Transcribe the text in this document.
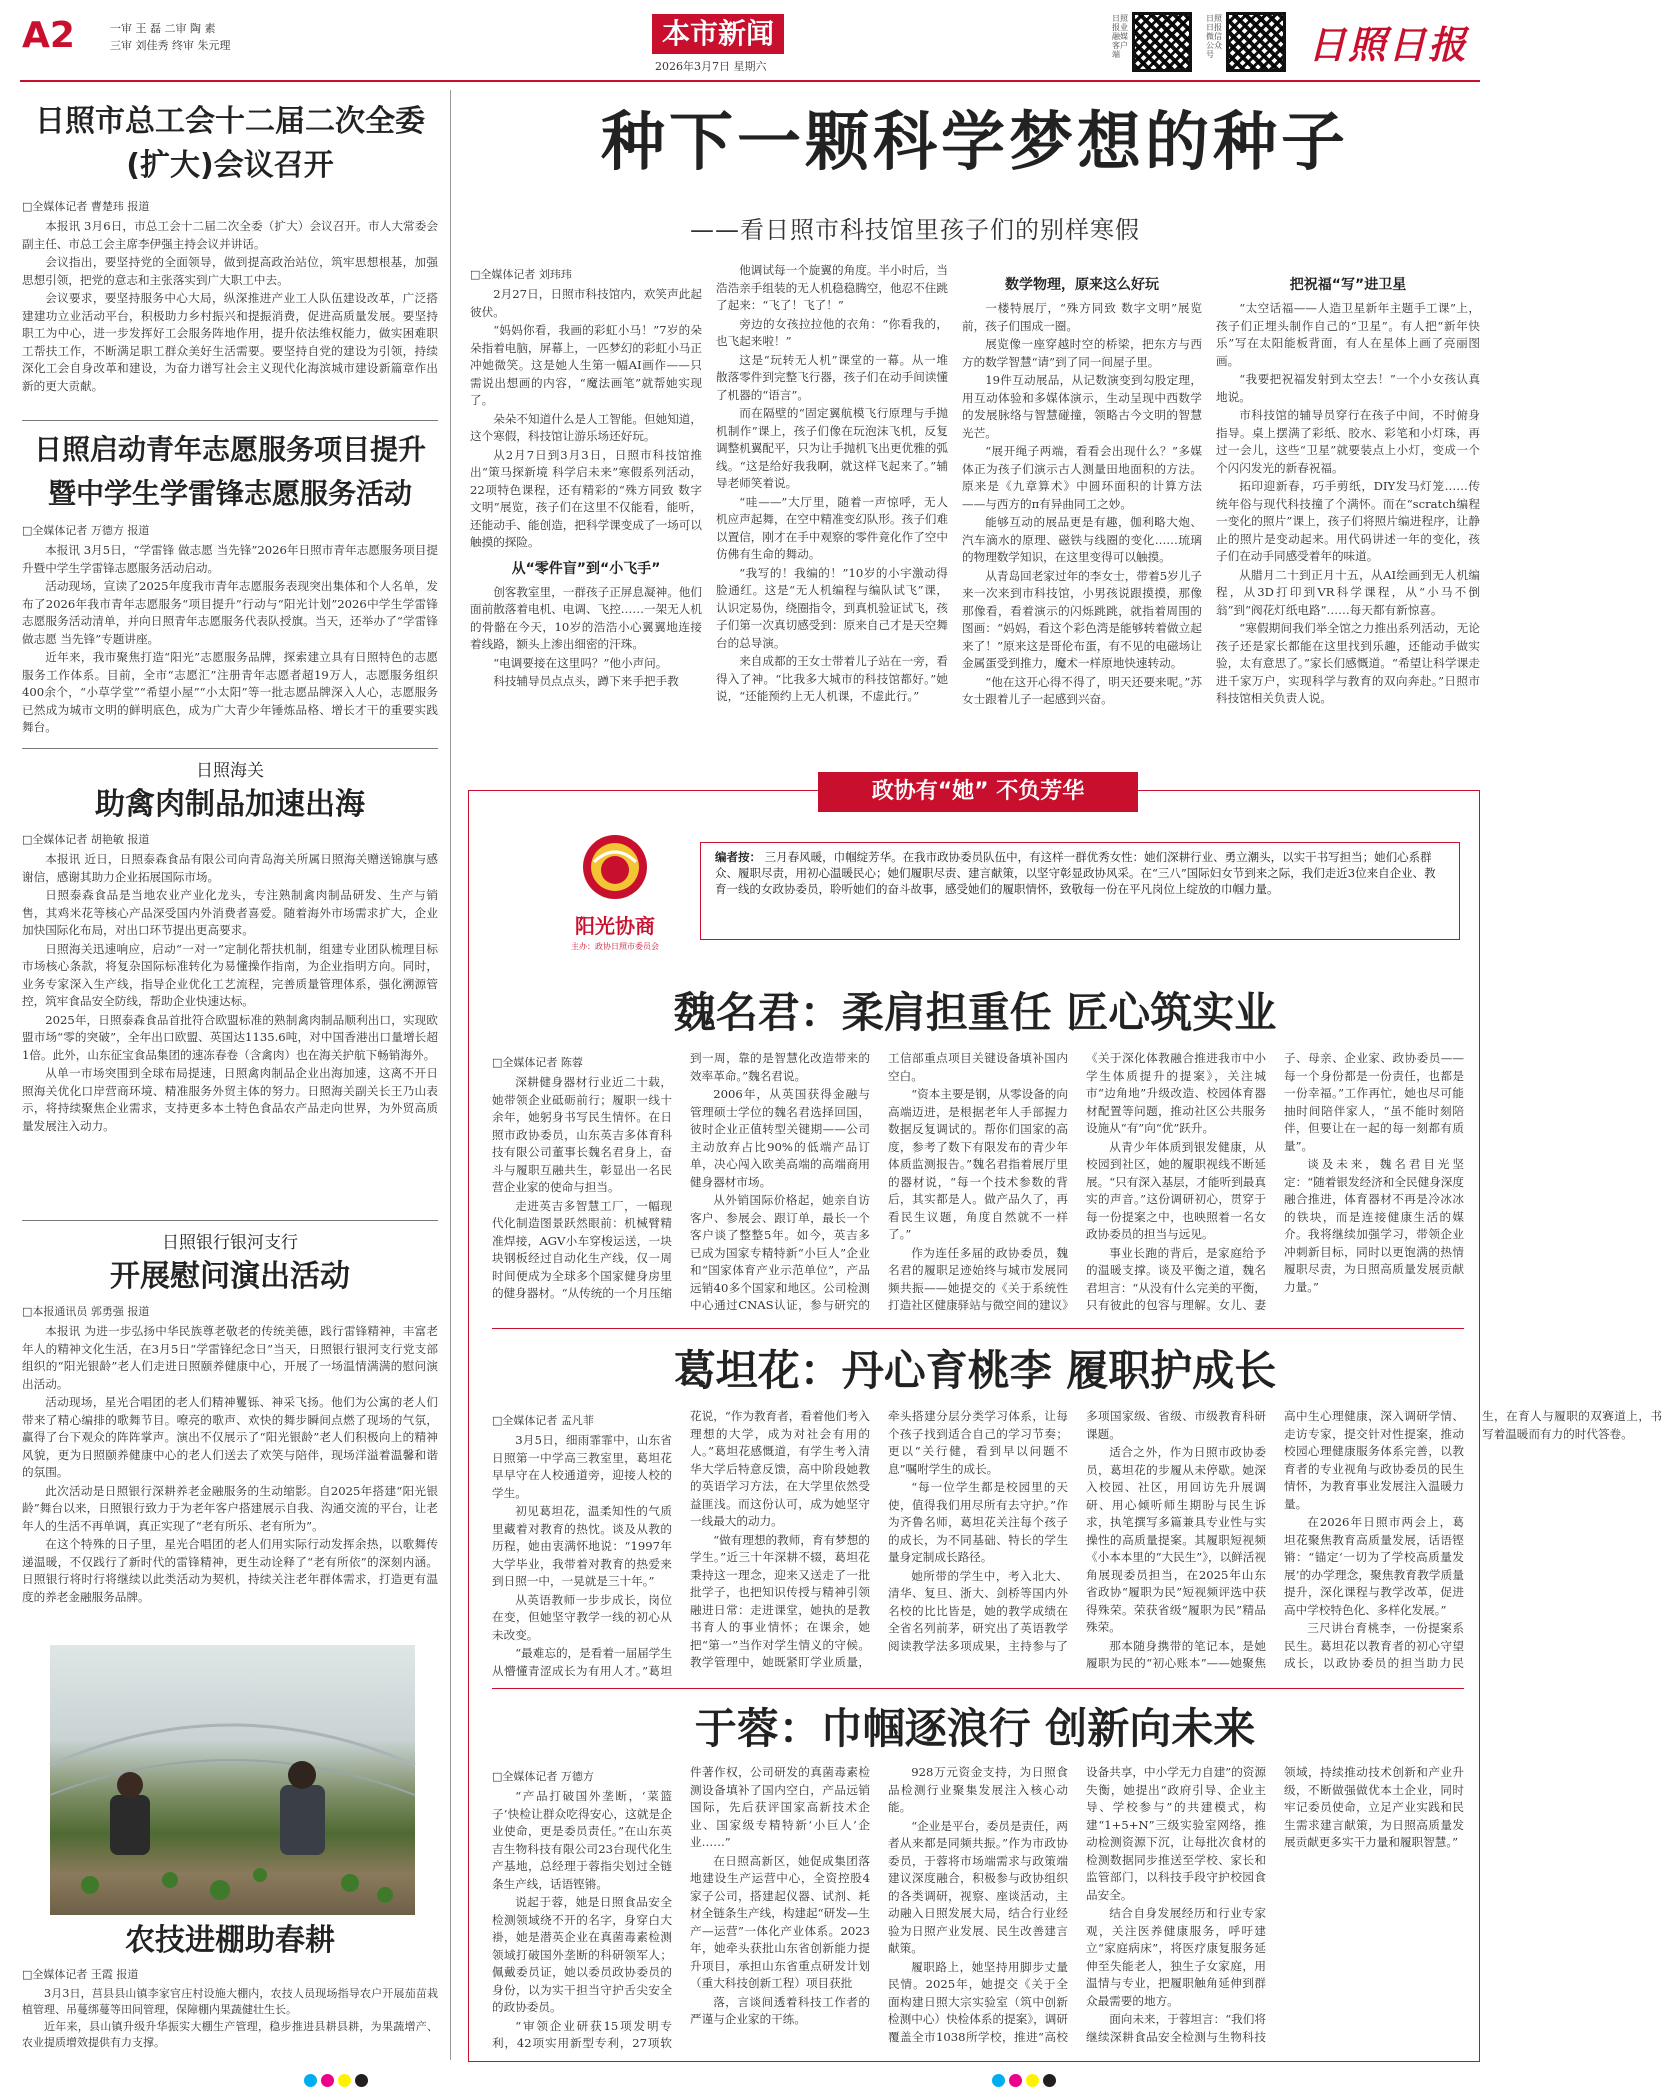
A2	一审 王 磊 二审 陶 素
三审 刘佳秀 终审 朱元理	本市新闻
2026年3月7日 星期六
日照报业融媒客户端
日照日报微信公众号 日照日报
日照市总工会十二届二次全委(扩大)会议召开
□全媒体记者 曹楚玮 报道

本报讯 3月6日，市总工会十二届二次全委（扩大）会议召开。市人大常委会副主任、市总工会主席李伊强主持会议并讲话。

会议指出，要坚持党的全面领导，做到提高政治站位，筑牢思想根基，加强思想引领，把党的意志和主张落实到广大职工中去。

会议要求，要坚持服务中心大局，纵深推进产业工人队伍建设改革，广泛搭建建功立业活动平台，积极助力乡村振兴和提振消费，促进高质量发展。要坚持职工为中心，进一步发挥好工会服务阵地作用，提升依法维权能力，做实困难职工帮扶工作，不断满足职工群众美好生活需要。要坚持自党的建设为引领，持续深化工会自身改革和建设，为奋力谱写社会主义现代化海滨城市建设新篇章作出新的更大贡献。

日照启动青年志愿服务项目提升暨中学生学雷锋志愿服务活动
□全媒体记者 万德方 报道

本报讯 3月5日，“学雷锋 做志愿 当先锋”2026年日照市青年志愿服务项目提升暨中学生学雷锋志愿服务活动启动。

活动现场，宣读了2025年度我市青年志愿服务表现突出集体和个人名单，发布了2026年我市青年志愿服务“项目提升”行动与“阳光计划”2026中学生学雷锋志愿服务活动清单，并向日照青年志愿服务代表队授旗。当天，还举办了“学雷锋 做志愿 当先锋”专题讲座。

近年来，我市聚焦打造“阳光”志愿服务品牌，探索建立具有日照特色的志愿服务工作体系。目前，全市“志愿汇”注册青年志愿者超19万人，志愿服务组织400余个，“小草学堂”“希望小屋”“小太阳”等一批志愿品牌深入人心，志愿服务已然成为城市文明的鲜明底色，成为广大青少年锤炼品格、增长才干的重要实践舞台。

日照海关
助禽肉制品加速出海
□全媒体记者 胡艳敏 报道

本报讯 近日，日照泰森食品有限公司向青岛海关所属日照海关赠送锦旗与感谢信，感谢其助力企业拓展国际市场。

日照泰森食品是当地农业产业化龙头，专注熟制禽肉制品研发、生产与销售，其鸡米花等核心产品深受国内外消费者喜爱。随着海外市场需求扩大，企业加快国际化布局，对出口环节提出更高要求。

日照海关迅速响应，启动“一对一”定制化帮扶机制，组建专业团队梳理目标市场核心条款，将复杂国际标准转化为易懂操作指南，为企业指明方向。同时，业务专家深入生产线，指导企业优化工艺流程，完善质量管理体系，强化溯源管控，筑牢食品安全防线，帮助企业快速达标。

2025年，日照泰森食品首批符合欧盟标准的熟制禽肉制品顺利出口，实现欧盟市场“零的突破”，全年出口欧盟、英国达1135.6吨，对中国香港出口量增长超1倍。此外，山东征宝食品集团的速冻春卷（含禽肉）也在海关护航下畅销海外。

从单一市场突围到全球布局提速，日照禽肉制品企业出海加速，这离不开日照海关优化口岸营商环境、精准服务外贸主体的努力。日照海关副关长王乃山表示，将持续聚焦企业需求，支持更多本土特色食品农产品走向世界，为外贸高质量发展注入动力。

日照银行银河支行
开展慰问演出活动
□本报通讯员 郭勇强 报道

本报讯 为进一步弘扬中华民族尊老敬老的传统美德，践行雷锋精神，丰富老年人的精神文化生活，在3月5日“学雷锋纪念日”当天，日照银行银河支行党支部组织的“阳光银龄”老人们走进日照颐养健康中心，开展了一场温情满满的慰问演出活动。

活动现场，星光合唱团的老人们精神矍铄、神采飞扬。他们为公寓的老人们带来了精心编排的歌舞节目。嘹亮的歌声、欢快的舞步瞬间点燃了现场的气氛，赢得了台下观众的阵阵掌声。演出不仅展示了“阳光银龄”老人们积极向上的精神风貌，更为日照颐养健康中心的老人们送去了欢笑与陪伴，现场洋溢着温馨和谐的氛围。

此次活动是日照银行深耕养老金融服务的生动缩影。自2025年搭建“阳光银龄”舞台以来，日照银行致力于为老年客户搭建展示自我、沟通交流的平台，让老年人的生活不再单调，真正实现了“老有所乐、老有所为”。

在这个特殊的日子里，星光合唱团的老人们用实际行动发挥余热，以歌舞传递温暖，不仅践行了新时代的雷锋精神，更生动诠释了“老有所依”的深刻内涵。日照银行将时行将继续以此类活动为契机，持续关注老年群体需求，打造更有温度的养老金融服务品牌。

农技进棚助春耕
□全媒体记者 王霞 报道

3月3日，莒县县山镇李家官庄村设施大棚内，农技人员现场指导农户开展茄苗栽植管理、吊蔓绑蔓等田间管理，保障棚内果蔬健壮生长。

近年来，县山镇升级升华振实大棚生产管理，稳步推进县耕县耕，为果蔬增产、农业提质增效提供有力支撑。

种下一颗科学梦想的种子
——看日照市科技馆里孩子们的别样寒假
□全媒体记者 刘玮玮

2月27日，日照市科技馆内，欢笑声此起彼伏。

“妈妈你看，我画的彩虹小马！”7岁的朵朵指着电脑，屏幕上，一匹梦幻的彩虹小马正冲她微笑。这是她人生第一幅AI画作——只需说出想画的内容，“魔法画笔”就帮她实现了。

朵朵不知道什么是人工智能。但她知道，这个寒假，科技馆让游乐场还好玩。

从2月7日到3月3日，日照市科技馆推出“策马探新境 科学启未来”寒假系列活动，22项特色课程，还有精彩的“殊方同致 数字文明”展览，孩子们在这里不仅能看，能听，还能动手、能创造，把科学课变成了一场可以触摸的探险。

从“零件盲”到“小飞手”

创客教室里，一群孩子正屏息凝神。他们面前散落着电机、电调、飞控……一架无人机的骨骼在今天，10岁的浩浩小心翼翼地连接着线路，额头上渗出细密的汗珠。

“电调要接在这里吗？”他小声问。

科技辅导员点点头，蹲下来手把手教

他调试每一个旋翼的角度。半小时后，当浩浩亲手组装的无人机稳稳腾空，他忍不住跳了起来：“飞了！飞了！”

旁边的女孩拉拉他的衣角：“你看我的，也飞起来啦！”

这是“玩转无人机”课堂的一幕。从一堆散落零件到完整飞行器，孩子们在动手间读懂了机器的“语言”。

而在隔壁的“固定翼航模飞行原理与手抛机制作”课上，孩子们像在玩泡沫飞机，反复调整机翼配平，只为让手抛机飞出更优雅的弧线。“这是给好我我啊，就这样飞起来了。”辅导老师笑着说。

“哇——”大厅里，随着一声惊呼，无人机应声起舞，在空中精准变幻队形。孩子们难以置信，刚才在手中观察的零件竟化作了空中仿佛有生命的舞动。

“我写的！我编的！”10岁的小宇激动得脸通红。这是“无人机编程与编队试飞”课，认识定易伪，绕圈指令，到真机验证试飞，孩子们第一次真切感受到：原来自己才是天空舞台的总导演。

来自成都的王女士带着儿子站在一旁，看得入了神。“比我多大城市的科技馆都好。”她说，“还能预约上无人机课，不虚此行。”

数学物理，原来这么好玩

一楼特展厅，“殊方同致 数字文明”展览前，孩子们围成一圈。

展览像一座穿越时空的桥梁，把东方与西方的数学智慧“请”到了同一间屋子里。

19件互动展品，从记数演变到勾股定理，用互动体验和多媒体演示，生动呈现中西数学的发展脉络与智慧碰撞，领略古今文明的智慧光芒。

“展开绳子两端，看看会出现什么？”多媒体正为孩子们演示古人测量田地面积的方法。原来是《九章算术》中圆环面积的计算方法——与西方的π有异曲同工之妙。

能够互动的展品更是有趣，伽利略大炮、汽车滴水的原理、磁铁与线圈的变化……琉璃的物理数学知识，在这里变得可以触摸。

从青岛回老家过年的李女士，带着5岁儿子来一次来到市科技馆，小男孩说跟摸摸，那像那像看，看着演示的闪烁跳跳，就指着周围的图画：“妈妈，看这个彩色湾是能够转着做立起来了！”原来这是哥伦布蛋，有不见的电磁场让金属蛋受到推力，魔术一样原地快速转动。

“他在这开心得不得了，明天还要来呢。”苏女士跟着儿子一起感到兴奋。

把祝福“写”进卫星

“太空话福——人造卫星新年主题手工课”上，孩子们正埋头制作自己的“卫星”。有人把“新年快乐”写在太阳能板背面，有人在星体上画了亮丽图画。

“我要把祝福发射到太空去！”一个小女孩认真地说。

市科技馆的辅导员穿行在孩子中间，不时俯身指导。桌上摆满了彩纸、胶水、彩笔和小灯珠，再过一会儿，这些“卫星”就要装点上小灯，变成一个个闪闪发光的新春祝福。

拓印迎新春，巧手剪纸，DIY发马灯笼……传统年俗与现代科技撞了个满怀。而在“scratch编程一变化的照片”课上，孩子们将照片编进程序，让静止的照片是变动起来。用代码讲述一年的变化，孩子们在动手同感受着年的味道。

从腊月二十到正月十五，从AI绘画到无人机编程，从3D打印到VR科学课程，从“小马不倒翁”到“阀花灯纸电路”……每天都有新惊喜。

“寒假期间我们举全馆之力推出系列活动，无论孩子还是家长都能在这里找到乐趣，还能动手做实验，太有意思了。”家长们感慨道。“希望让科学课走进千家万户，实现科学与教育的双向奔赴。”日照市科技馆相关负责人说。

政协有“她” 不负芳华
阳光协商
主办：政协日照市委员会
编者按： 三月春风暖，巾帼绽芳华。在我市政协委员队伍中，有这样一群优秀女性：她们深耕行业、勇立潮头，以实干书写担当；她们心系群众、履职尽责，用初心温暖民心；她们履职尽责、建言献策，以坚守彰显政协风采。在“三八”国际妇女节到来之际，我们走近3位来自企业、教育一线的女政协委员，聆听她们的奋斗故事，感受她们的履职情怀，致敬每一份在平凡岗位上绽放的巾帼力量。
魏名君：柔肩担重任 匠心筑实业
□全媒体记者 陈蓉

深耕健身器材行业近二十载，她带领企业砥砺前行；履职一线十余年，她躬身书写民生情怀。在日照市政协委员，山东英吉多体育科技有限公司董事长魏名君身上，奋斗与履职互融共生，彰显出一名民营企业家的使命与担当。

走进英吉多智慧工厂，一幅现代化制造图景跃然眼前：机械臂精准焊接，AGV小车穿梭运送，一块块钢板经过自动化生产线，仅一周时间便成为全球多个国家健身房里的健身器材。“从传统的一个月压缩到一周，靠的是智慧化改造带来的效率革命。”魏名君说。

2006年，从英国获得金融与管理硕士学位的魏名君选择回国，彼时企业正值转型关键期——公司主动放弃占比90%的低端产品订单，决心闯入欧美高端的高端商用健身器材市场。

从外销国际价格起，她亲自访客户、参展会、跟订单，最长一个客户谈了整整5年。如今，英吉多已成为国家专精特新“小巨人”企业和“国家体育产业示范单位”，产品远销40多个国家和地区。公司检测中心通过CNAS认证，参与研究的工信部重点项目关键设备填补国内空白。

“资本主要是钢，从零设备的向高端迈进，是根据老年人手部握力数据反复调试的。帮你们国家的高度，参考了数下有限发布的青少年体质监测报告。”魏名君指着展厅里的器材说，“每一个技术参数的背后，其实都是人。做产品久了，再看民生议题，角度自然就不一样了。”

作为连任多届的政协委员，魏名君的履职足迹始终与城市发展同频共振——她提交的《关于系统性打造社区健康驿站与微空间的建议》《关于深化体教融合推进我市中小学生体质提升的提案》，关注城市“边角地”升级改造、校园体育器材配置等问题，推动社区公共服务设施从“有”向“优”跃升。

从青少年体质到银发健康，从校园到社区，她的履职视线不断延展。“只有深入基层，才能听到最真实的声音。”这份调研初心，贯穿于每一份提案之中，也映照着一名女政协委员的担当与远见。

事业长跑的背后，是家庭给予的温暖支撑。谈及平衡之道，魏名君坦言：“从没有什么完美的平衡，只有彼此的包容与理解。女儿、妻子、母亲、企业家、政协委员——每一个身份都是一份责任，也都是一份幸福。”工作再忙，她也尽可能抽时间陪伴家人，“虽不能时刻陪伴，但要让在一起的每一刻都有质量”。

谈及未来，魏名君目光坚定：“随着银发经济和全民健身深度融合推进，体育器材不再是冷冰冰的铁块，而是连接健康生活的媒介。我将继续加强学习，带领企业冲刺新目标，同时以更饱满的热情履职尽责，为日照高质量发展贡献力量。”

葛坦花：丹心育桃李 履职护成长
□全媒体记者 孟凡菲

3月5日，细雨霏霏中，山东省日照第一中学高三教室里，葛坦花早早守在人校通道旁，迎接人校的学生。

初见葛坦花，温柔知性的气质里藏着对教育的热忱。谈及从教的历程，她由衷满怀地说：“1997年大学毕业，我带着对教育的热爱来到日照一中，一晃就是三十年。”

从英语教师一步步成长，岗位在变，但她坚守教学一线的初心从未改变。

“最难忘的，是看着一届届学生从懵懂青涩成长为有用人才。”葛坦花说，“作为教育者，看着他们考入理想的大学，成为对社会有用的人。”葛坦花感慨道，有学生考入清华大学后特意反馈，高中阶段她教的英语学习方法，在大学里依然受益匪浅。而这份认可，成为她坚守一线最大的动力。

“做有理想的教师，育有梦想的学生。”近三十年深耕不辍，葛坦花秉持这一理念，迎来又送走了一批批学子，也把知识传授与精神引领融进日常：走进课堂，她执的是教书育人的事业情怀；在课余，她把“第一”当作对学生情义的守候。教学管理中，她既紧盯学业质量，牵头搭建分层分类学习体系，让每个孩子找到适合自己的学习节奏；更以“关行健，看到早以问题不息”嘱咐学生的成长。

“每一位学生都是校园里的天使，值得我们用尽所有去守护。”作为齐鲁名师，葛坦花关注每个孩子的成长，为不同基础、特长的学生量身定制成长路径。

她所带的学生中，考入北大、清华、复旦、浙大、剑桥等国内外名校的比比皆是，她的教学成绩在全省名列前茅，研究出了英语教学阅读教学法多项成果，主持参与了多项国家级、省级、市级教育科研课题。

适合之外，作为日照市政协委员，葛坦花的步履从未停歇。她深入校园、社区，用回访先升展调研、用心倾听师生期盼与民生诉求，执笔撰写多篇兼具专业性与实操性的高质量提案。其履职短视频《小本本里的“大民生”》，以鲜活视角展现委员担当，在2025年山东省政协“履职为民”短视频评选中获得殊荣。荣获省级“履职为民”精品殊荣。

那本随身携带的笔记本，是她履职为民的“初心账本”——她聚焦高中生心理健康，深入调研学情、走访专家，提交针对性提案，推动校园心理健康服务体系完善，以教育者的专业视角与政协委员的民生情怀，为教育事业发展注入温暖力量。

在2026年日照市两会上，葛坦花聚焦教育高质量发展，话语铿锵：“锚定‘一切为了学校高质量发展’的办学理念，聚焦教育教学质量提升，深化课程与教学改革，促进高中学校特色化、多样化发展。”

三尺讲台育桃李，一份提案系民生。葛坦花以教育者的初心守望成长，以政协委员的担当助力民生，在育人与履职的双赛道上，书写着温暖而有力的时代答卷。

于蓉：巾帼逐浪行 创新向未来
□全媒体记者 万德方

“产品打破国外垄断，‘菜篮子’快检让群众吃得安心，这就是企业使命，更是委员责任。”在山东英吉生物科技有限公司23台现代化生产基地，总经理于蓉指尖划过全链条生产线，话语铿锵。

说起于蓉，她是日照食品安全检测领域绕不开的名字，身穿白大褂，她是潜英企业在真菌毒素检测领域打破国外垄断的科研领军人；佩戴委员证，她以委员政协委员的身份，以为实干担当守护舌尖安全的政协委员。

“审领企业研获15项发明专利，42项实用新型专利，27项软件著作权，公司研发的真菌毒素检测设备填补了国内空白，产品远销国际，先后获评国家高新技术企业、国家级专精特新‘小巨人’企业……”

在日照高新区，她促成集团落地建设生产运营中心，全资控股4家子公司，搭建起仪器、试剂、耗材全链条生产线，构建起“研发—生产—运营”一体化产业体系。2023年，她牵头获批山东省创新能力提升项目，承担山东省重点研发计划（重大科技创新工程）项目获批

落，言谈间透着科技工作者的严谨与企业家的干练。

928万元资金支持，为日照食品检测行业聚集发展注入核心动能。

“企业是平台，委员是责任，两者从来都是同频共振。”作为市政协委员，于蓉将市场端需求与政策端建议深度融合，积极参与政协组织的各类调研，视察、座谈活动，主动融入日照发展大局，结合行业经验为日照产业发展、民生改善建言献策。

履职路上，她坚持用脚步丈量民情。2025年，她提交《关于全面构建日照大宗实验室（筑中创新检测中心）快检体系的提案》，调研覆盖全市1038所学校，推进“高校设备共享，中小学无力自建”的资源失衡，她提出“政府引导、企业主导、学校参与”的共建模式，构建“1+5+N”三级实验室网络，推动检测资源下沉，让每批次食材的检测数据同步推送至学校、家长和监管部门，以科技手段守护校园食品安全。

结合自身发展经历和行业专家观，关注医养健康服务，呼吁建立“家庭病床”，将医疗康复服务延伸至失能老人，独生子女家庭，用温情与专业，把履职触角延伸到群众最需要的地方。

面向未来，于蓉坦言：“我们将继续深耕食品安全检测与生物科技领域，持续推动技术创新和产业升级，不断做强做优本土企业，同时牢记委员使命，立足产业实践和民生需求建言献策，为日照高质量发展贡献更多实干力量和履职智慧。”
